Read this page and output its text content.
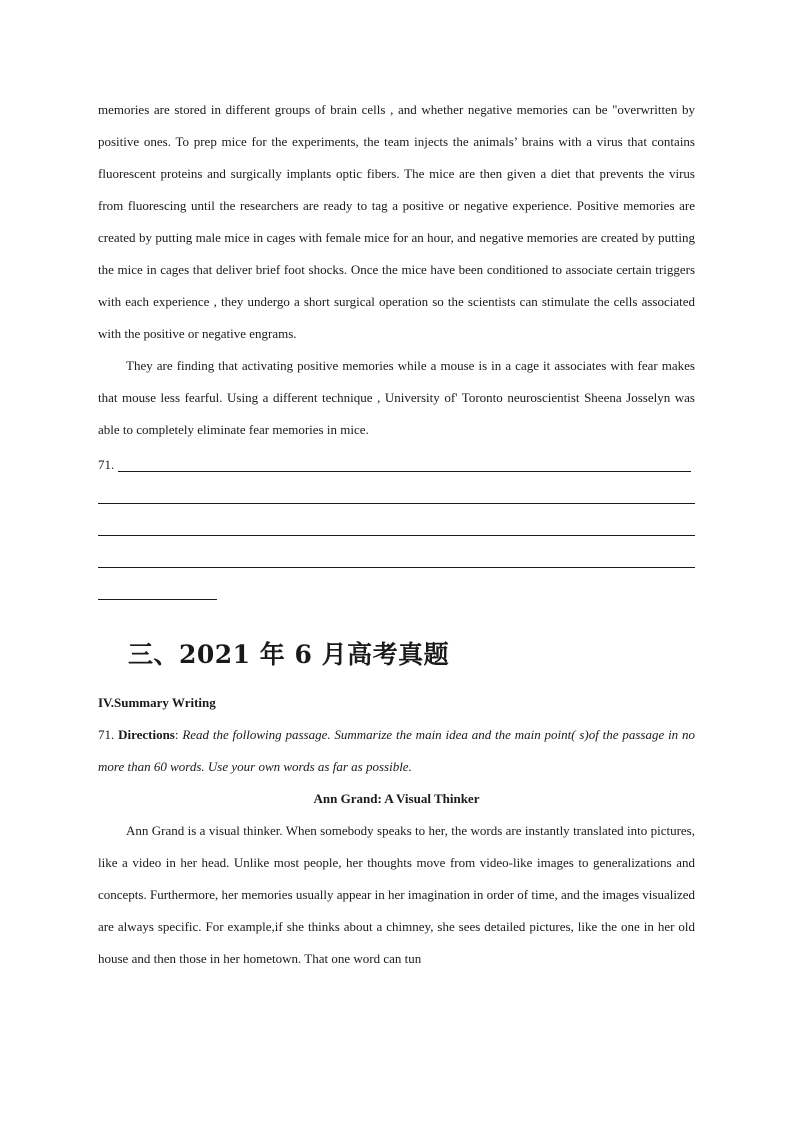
memories are stored in different groups of brain cells , and whether negative memories can be "overwritten by positive ones. To prep mice for the experiments, the team injects the animals’ brains with a virus that contains fluorescent proteins and surgically implants optic fibers. The mice are then given a diet that prevents the virus from fluorescing until the researchers are ready to tag a positive or negative experience. Positive memories are created by putting male mice in cages with female mice for an hour, and negative memories are created by putting the mice in cages that deliver brief foot shocks. Once the mice have been conditioned to associate certain triggers with each experience , they undergo a short surgical operation so the scientists can stimulate the cells associated with the positive or negative engrams.

They are finding that activating positive memories while a mouse is in a cage it associates with fear makes that mouse less fearful. Using a different technique , University of' Toronto neuroscientist Sheena Josselyn was able to completely eliminate fear memories in mice.

71.
三、2021 年 6 月高考真题

IV.Summary Writing

71. Directions: Read the following passage. Summarize the main idea and the main point( s)of the passage in no more than 60 words. Use your own words as far as possible.

Ann Grand: A Visual Thinker

Ann Grand is a visual thinker. When somebody speaks to her, the words are instantly translated into pictures, like a video in her head. Unlike most people, her thoughts move from video-like images to generalizations and concepts. Furthermore, her memories usually appear in her imagination in order of time, and the images visualized are always specific. For example,if she thinks about a chimney, she sees detailed pictures, like the one in her old house and then those in her hometown. That one word can tun
